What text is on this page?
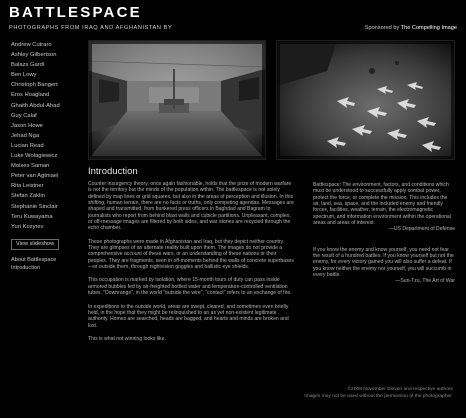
BATTLESPACE
PHOTOGRAPHS FROM IRAQ AND AFGHANISTAN BY	Sponsored by The Compelling Image
Andrew Cutraro
Ashley Gilbertson
Balazs Gardi
Ben Lowy
Christoph Bangert
Eros Hoagland
Ghaith Abdul-Ahad
Guy Calaf
Jason Howe
Jehad Nga
Lucian Read
Luke Wolagiewicz
Moises Saman
Peter van Agtmael
Rita Leistner
Stefan Zaklin
Stephanie Sinclair
Teru Kuwayama
Yuri Kozyrev
View slideshow
About Battlespace
Introduction
Introduction

Counter insurgency theory, once again fashionable, holds that the prize of modern warfare is not the territory but the minds of the population within. The battlespace is not solely defined by map lines or grid squares, but also in the areas of perception and illusion. In this shifting, human terrain, there are no facts or truths, only competing agendas. Messages are shaped and transmitted, from bunkered press officers in Baghdad and Bagram to journalists who report from behind blast walls and cubicle partitions. Unpleasant, complex, or off-message images are filtered by both sides, and war stories are recycled through the echo chamber.

These photographs were made in Afghanistan and Iraq, but they depict neither country. They are glimpses of an alternate reality built upon them. The images do not provide a comprehensive account of these wars, or an understanding of these nations or their peoples. They are fragments, seen in off-moments behind the walls of concrete superbases—or outside them, through nightvision goggles and ballistic eye shields.

This occupation is marked by isolation, where 15-month tours of duty can pass inside armored bubbles fed by air-freighted bottled water and temperature-controlled ventilation tubes. "Downrange", in the world "outside the wire", "contact" refers to an exchange of fire.

In expeditions to the outside world, areas are swept, cleared, and sometimes even briefly held, in the hope that they might be relinquished to an as yet non-existent legitimate authority. Homes are searched, heads are bagged, and hearts and minds are broken and lost.

This is what not winning looks like.

Battlespace: The environment, factors, and conditions which must be understood to successfully apply combat power, protect the force, or complete the mission. This includes the air, land, sea, space, and the included enemy and friendly forces, facilities, weather, terrain, the electromagnetic spectrum, and information environment within the operational areas and areas of interest.

—US Department of Defense

If you know the enemy and know yourself, you need not fear the result of a hundred battles. If you know yourself but not the enemy, for every victory gained you will also suffer a defeat. If you know neither the enemy nor yourself, you will succumb in every battle.

—Sun-Tzu, The Art of War

©2008 November Eleven and respective authors
Images may not be used without the permission of the photographer.
